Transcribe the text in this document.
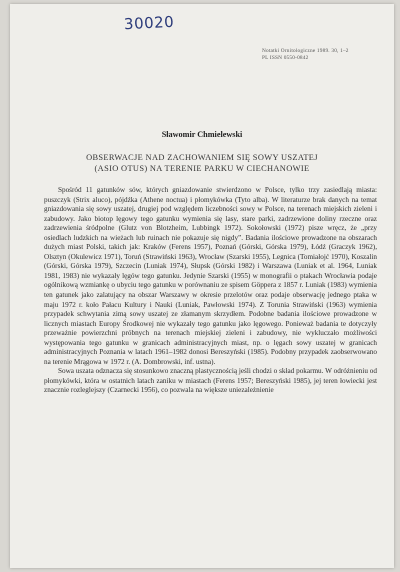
30020
Notatki Ornitologiczne 1989. 30, 1–2
PL ISSN 0550-0842
Sławomir Chmielewski
OBSERWACJE NAD ZACHOWANIEM SIĘ SOWY USZATEJ
(ASIO OTUS) NA TERENIE PARKU W CIECHANOWIE

Spośród 11 gatunków sów, których gniazdowanie stwierdzono w Polsce, tylko trzy zasiedlają miasta: puszczyk (Strix aluco), pójdźka (Athene noctua) i płomykówka (Tyto alba). W literaturze brak danych na temat gniazdowania się sowy uszatej, drugiej pod względem liczebności sowy w Polsce, na terenach miejskich zieleni i zabudowy. Jako biotop lęgowy tego gatunku wymienia się lasy, stare parki, zadrzewione doliny rzeczne oraz zadrzewienia śródpolne (Glutz von Blotzheim, Lubbingk 1972). Sokołowski (1972) pisze wręcz, że „przy osiedlach ludzkich na wieżach lub ruinach nie pokazuje się nigdy”. Badania ilościowe prowadzone na obszarach dużych miast Polski, takich jak: Kraków (Ferens 1957), Poznań (Górski, Górska 1979), Łódź (Graczyk 1962), Olsztyn (Okulewicz 1971), Toruń (Strawiński 1963), Wrocław (Szarski 1955), Legnica (Tomiałojć 1970), Koszalin (Górski, Górska 1979), Szczecin (Luniak 1974), Słupsk (Górski 1982) i Warszawa (Luniak et al. 1964, Luniak 1981, 1983) nie wykazały lęgów tego gatunku. Jedynie Szarski (1955) w monografii o ptakach Wrocławia podaje ogólnikową wzmiankę o ubyciu tego gatunku w porównaniu ze spisem Göppera z 1857 r. Luniak (1983) wymienia ten gatunek jako zalatujący na obszar Warszawy w okresie przelotów oraz podaje obserwację jednego ptaka w maju 1972 r. koło Pałacu Kultury i Nauki (Luniak, Pawłowski 1974). Z Torunia Strawiński (1963) wymienia przypadek schwytania zimą sowy uszatej ze złamanym skrzydłem. Podobne badania ilościowe prowadzone w licznych miastach Europy Środkowej nie wykazały tego gatunku jako lęgowego. Ponieważ badania te dotyczyły przeważnie powierzchni próbnych na terenach miejskiej zieleni i zabudowy, nie wykluczało możliwości występowania tego gatunku w granicach administracyjnych miast, np. o lęgach sowy uszatej w granicach administracyjnych Poznania w latach 1961–1982 donosi Bereszyński (1985). Podobny przypadek zaobserwowano na terenie Mrągowa w 1972 r. (A. Dombrowski, inf. ustna).

Sowa uszata odznacza się stosunkowo znaczną plastycznością jeśli chodzi o skład pokarmu. W odróżnieniu od płomykówki, która w ostatnich latach zaniku w miastach (Ferens 1957; Bereszyński 1985), jej teren łowiecki jest znacznie rozleglejszy (Czarnecki 1956), co pozwala na większe uniezależnienie
